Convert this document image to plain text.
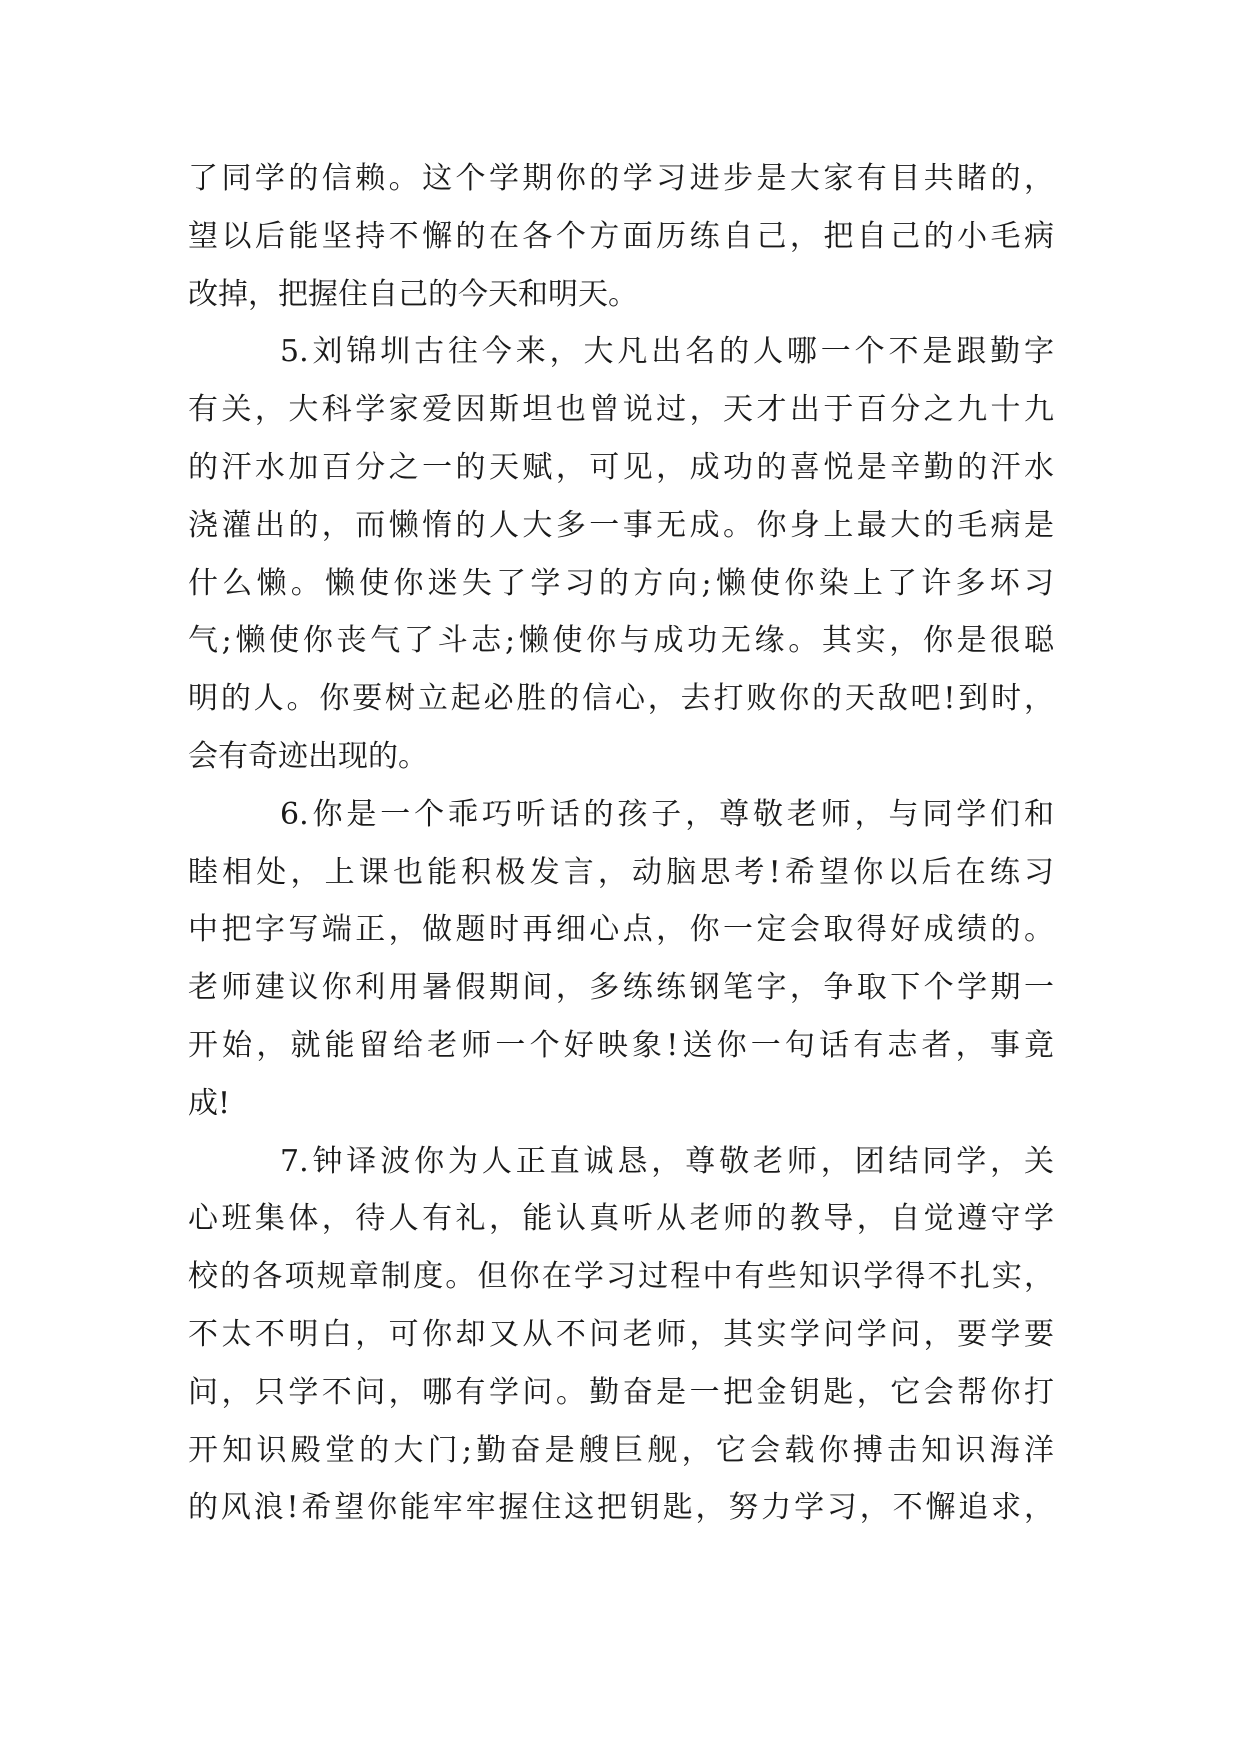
了同学的信赖。这个学期你的学习进步是大家有目共睹的，
望以后能坚持不懈的在各个方面历练自己，把自己的小毛病
改掉，把握住自己的今天和明天。
5.刘锦圳古往今来，大凡出名的人哪一个不是跟勤字
有关，大科学家爱因斯坦也曾说过，天才出于百分之九十九
的汗水加百分之一的天赋，可见，成功的喜悦是辛勤的汗水
浇灌出的，而懒惰的人大多一事无成。你身上最大的毛病是
什么懒。懒使你迷失了学习的方向;懒使你染上了许多坏习
气;懒使你丧气了斗志;懒使你与成功无缘。其实，你是很聪
明的人。你要树立起必胜的信心，去打败你的天敌吧!到时，
会有奇迹出现的。
6.你是一个乖巧听话的孩子，尊敬老师，与同学们和
睦相处，上课也能积极发言，动脑思考!希望你以后在练习
中把字写端正，做题时再细心点，你一定会取得好成绩的。
老师建议你利用暑假期间，多练练钢笔字，争取下个学期一
开始，就能留给老师一个好映象!送你一句话有志者，事竟
成!
7.钟译波你为人正直诚恳，尊敬老师，团结同学，关
心班集体，待人有礼，能认真听从老师的教导，自觉遵守学
校的各项规章制度。但你在学习过程中有些知识学得不扎实，
不太不明白，可你却又从不问老师，其实学问学问，要学要
问，只学不问，哪有学问。勤奋是一把金钥匙，它会帮你打
开知识殿堂的大门;勤奋是艘巨舰，它会载你搏击知识海洋
的风浪!希望你能牢牢握住这把钥匙，努力学习，不懈追求，
